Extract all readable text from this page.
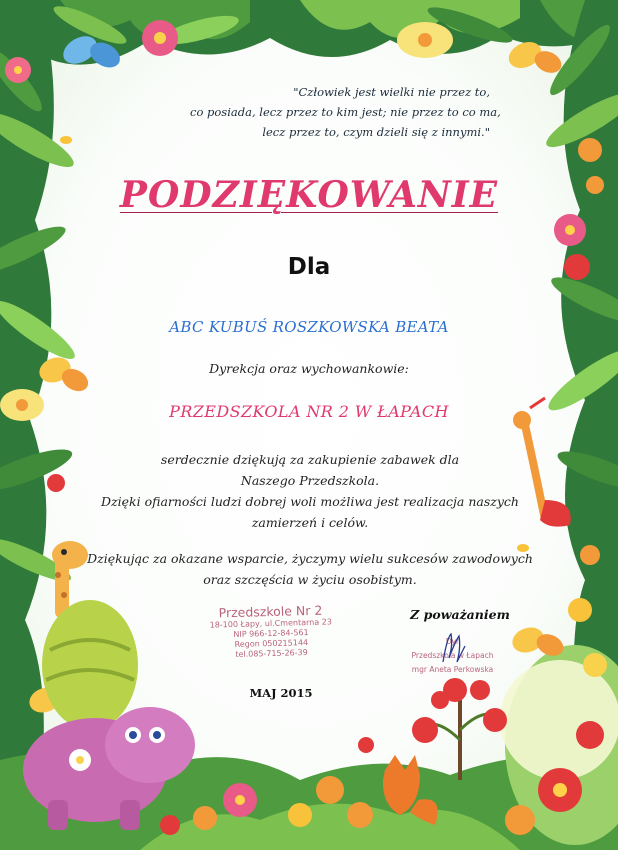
"Człowiek jest wielki nie przez to,
co posiada, lecz przez to kim jest; nie przez to co ma,
lecz przez to, czym dzieli się z innymi."

PODZIĘKOWANIE
Dla
ABC KUBUŚ ROSZKOWSKA BEATA
Dyrekcja oraz wychowankowie:
PRZEDSZKOLA NR 2 W ŁAPACH

serdecznie dziękują za zakupienie zabawek dla
Naszego Przedszkola.
Dzięki ofiarności ludzi dobrej woli możliwa jest realizacja naszych
zamierzeń i celów.

Dziękując za okazane wsparcie, życzymy wielu sukcesów zawodowych
oraz szczęścia w życiu osobistym.

Przedszkole Nr 2
18-100 Łapy, ul.Cmentarna 23
NIP 966-12-84-561
Regon 050215144
tel.085-715-26-39
Z poważaniem
Dyr
Przedszkola w Łapach
mgr Aneta Perkowska
MAJ 2015
